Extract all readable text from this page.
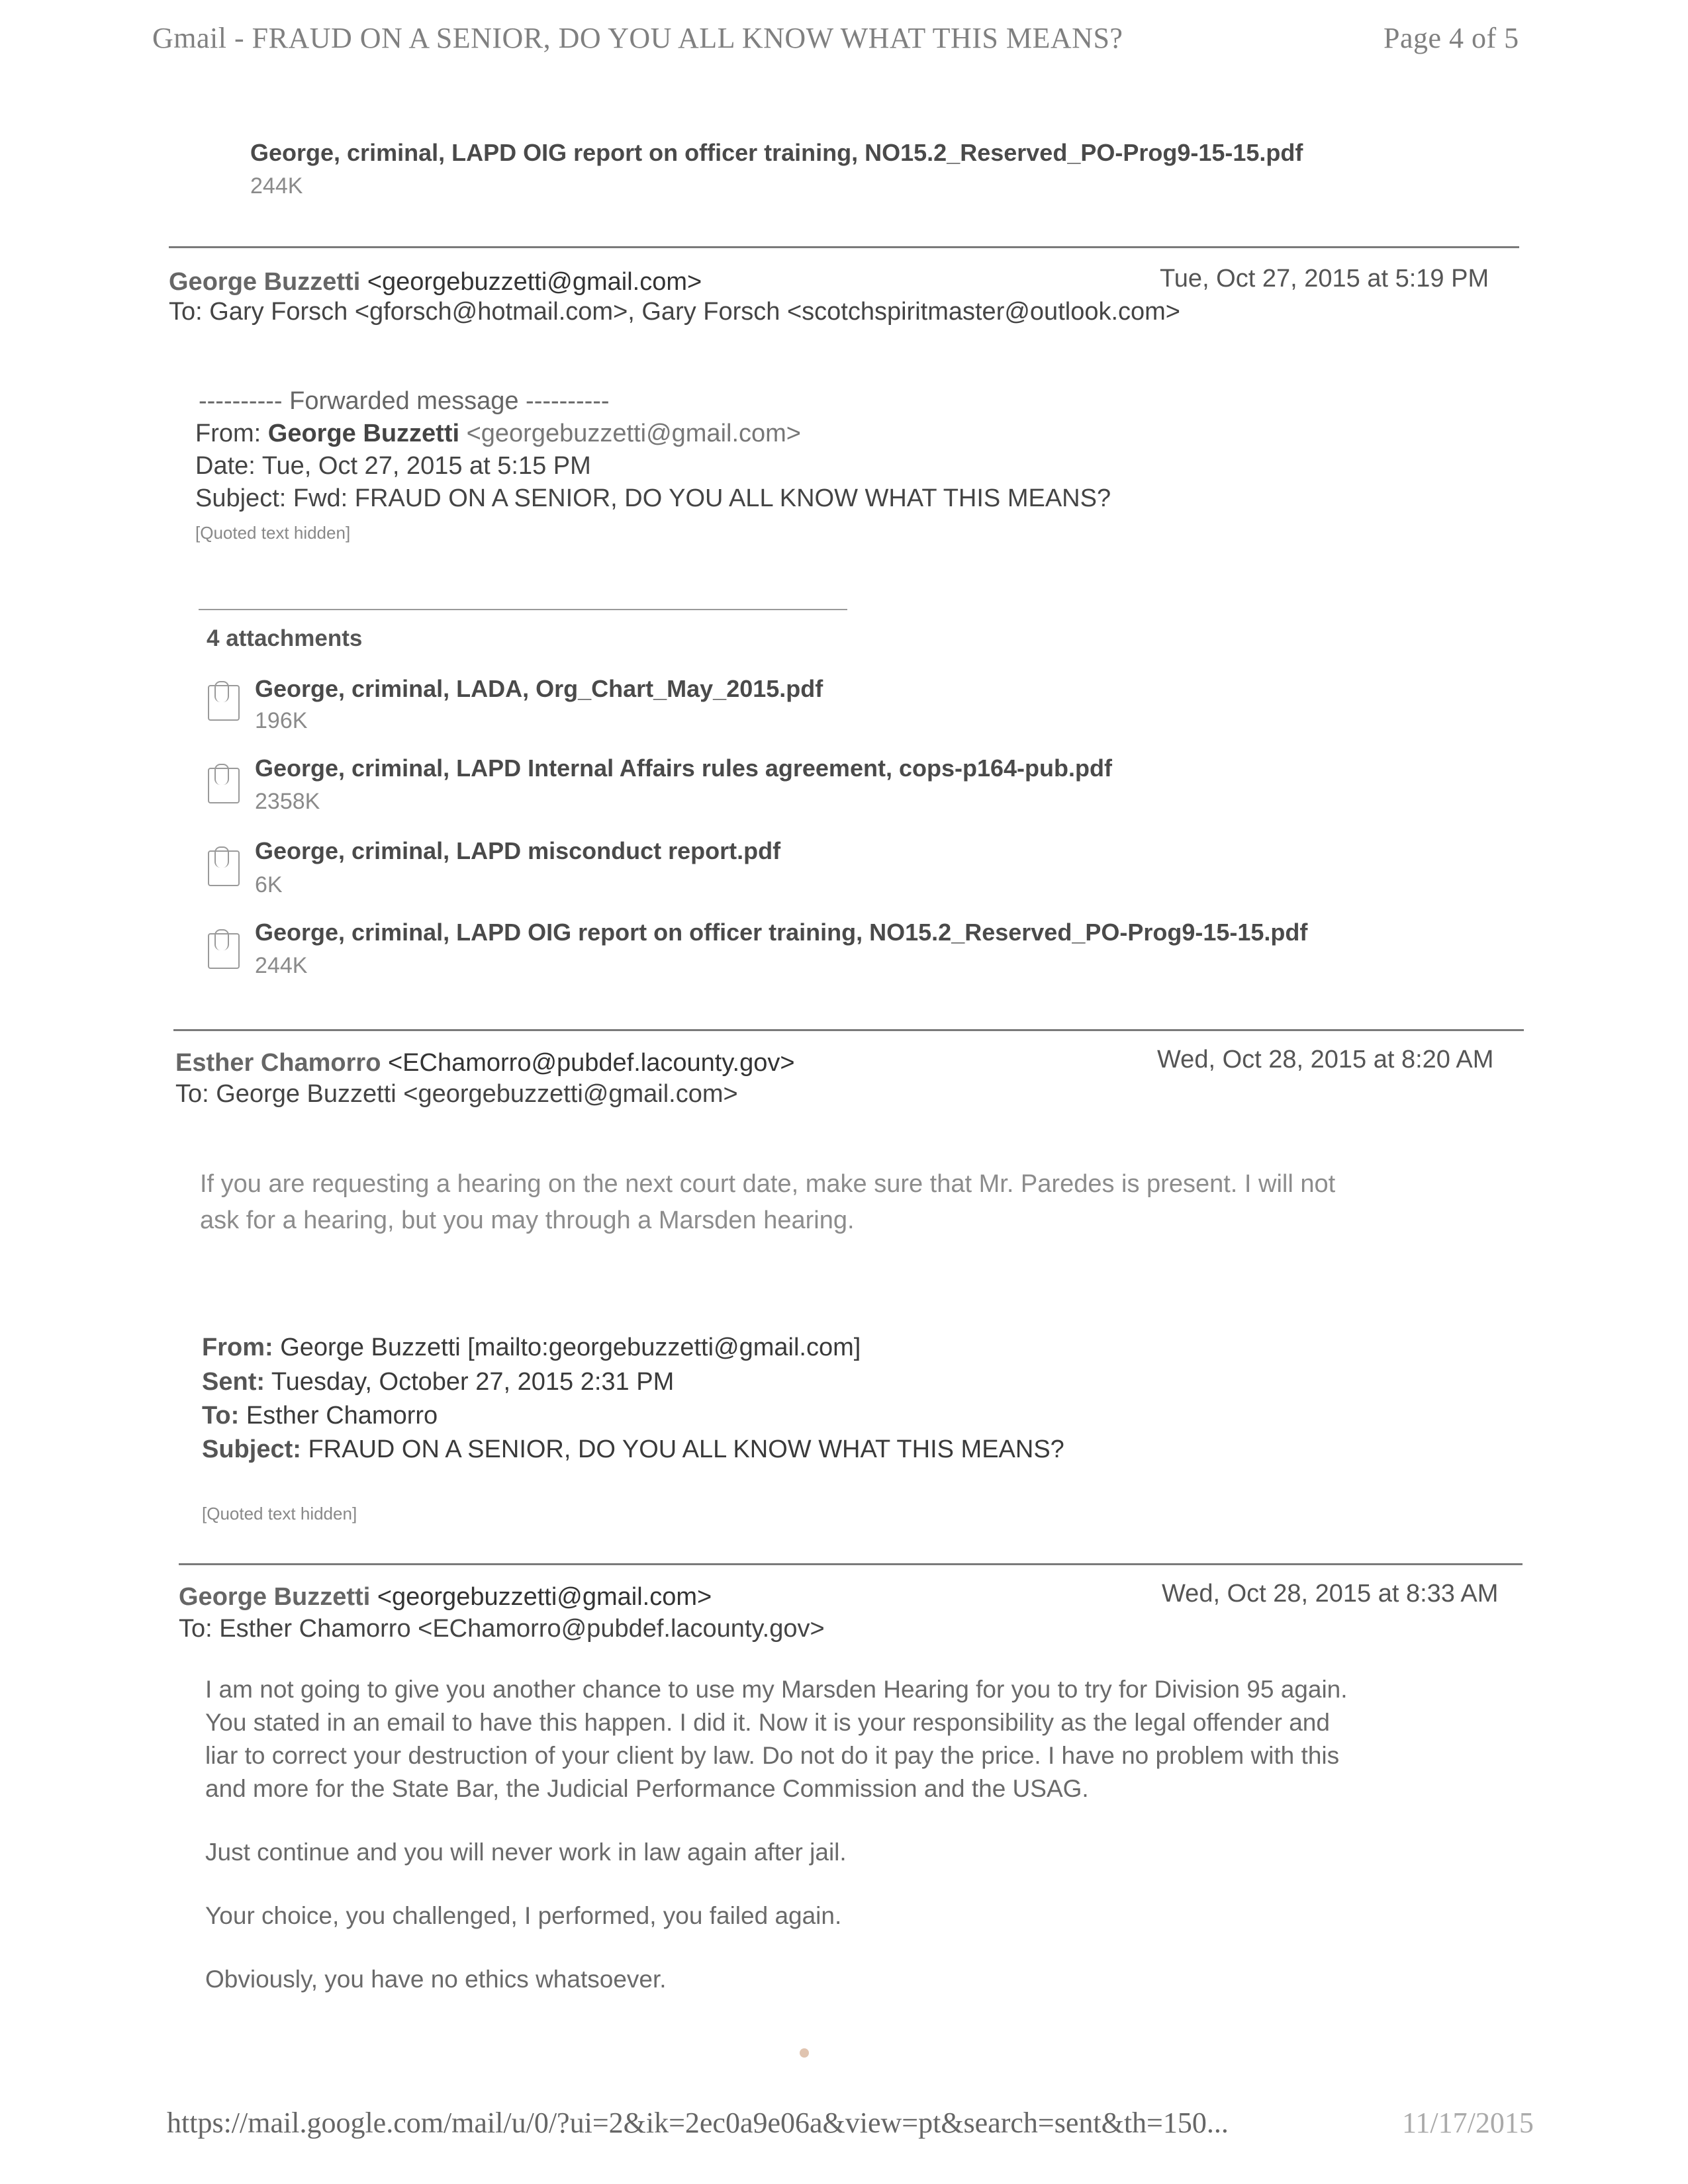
Gmail - FRAUD ON A SENIOR, DO YOU ALL KNOW WHAT THIS MEANS?	Page 4 of 5
George, criminal, LAPD OIG report on officer training, NO15.2_Reserved_PO-Prog9-15-15.pdf
244K
George Buzzetti <georgebuzzetti@gmail.com>	Tue, Oct 27, 2015 at 5:19 PM
To: Gary Forsch <gforsch@hotmail.com>, Gary Forsch <scotchspiritmaster@outlook.com>
---------- Forwarded message ----------
From: George Buzzetti <georgebuzzetti@gmail.com>
Date: Tue, Oct 27, 2015 at 5:15 PM
Subject: Fwd: FRAUD ON A SENIOR, DO YOU ALL KNOW WHAT THIS MEANS?
[Quoted text hidden]
4 attachments
George, criminal, LADA, Org_Chart_May_2015.pdf
196K
George, criminal, LAPD Internal Affairs rules agreement, cops-p164-pub.pdf
2358K
George, criminal, LAPD misconduct report.pdf
6K
George, criminal, LAPD OIG report on officer training, NO15.2_Reserved_PO-Prog9-15-15.pdf
244K
Esther Chamorro <EChamorro@pubdef.lacounty.gov>	Wed, Oct 28, 2015 at 8:20 AM
To: George Buzzetti <georgebuzzetti@gmail.com>
If you are requesting a hearing on the next court date, make sure that Mr. Paredes is present. I will not
ask for a hearing, but you may through a Marsden hearing.
From: George Buzzetti [mailto:georgebuzzetti@gmail.com]
Sent: Tuesday, October 27, 2015 2:31 PM
To: Esther Chamorro
Subject: FRAUD ON A SENIOR, DO YOU ALL KNOW WHAT THIS MEANS?
[Quoted text hidden]
George Buzzetti <georgebuzzetti@gmail.com>	Wed, Oct 28, 2015 at 8:33 AM
To: Esther Chamorro <EChamorro@pubdef.lacounty.gov>
I am not going to give you another chance to use my Marsden Hearing for you to try for Division 95 again.
You stated in an email to have this happen. I did it. Now it is your responsibility as the legal offender and
liar to correct your destruction of your client by law. Do not do it pay the price. I have no problem with this
and more for the State Bar, the Judicial Performance Commission and the USAG.
Just continue and you will never work in law again after jail.
Your choice, you challenged, I performed, you failed again.
Obviously, you have no ethics whatsoever.
https://mail.google.com/mail/u/0/?ui=2&ik=2ec0a9e06a&view=pt&search=sent&th=150...	11/17/2015
